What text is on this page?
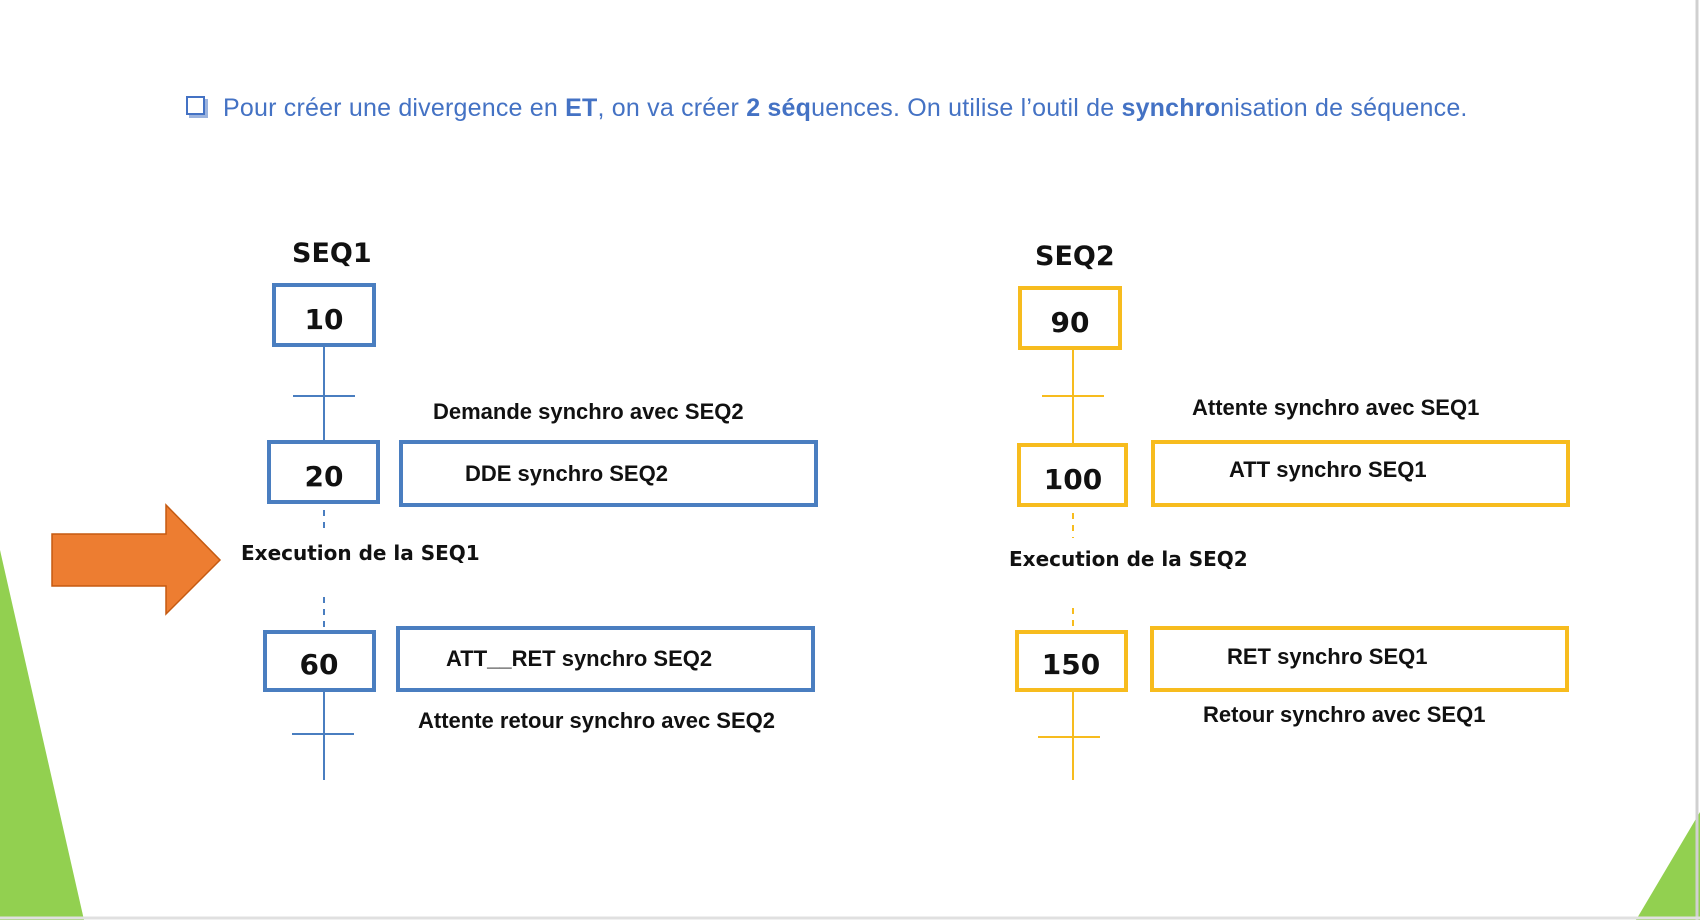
Pour créer une divergence en ET, on va créer 2 séquences. On utilise l’outil de synchronisation de séquence.
SEQ1
10
Demande synchro avec SEQ2
20	DDE synchro SEQ2
Execution de la SEQ1
60	ATT__RET synchro SEQ2
Attente retour synchro avec SEQ2
SEQ2
90
Attente synchro avec SEQ1
100	ATT synchro SEQ1
Execution de la SEQ2
150	RET synchro SEQ1
Retour synchro avec SEQ1
